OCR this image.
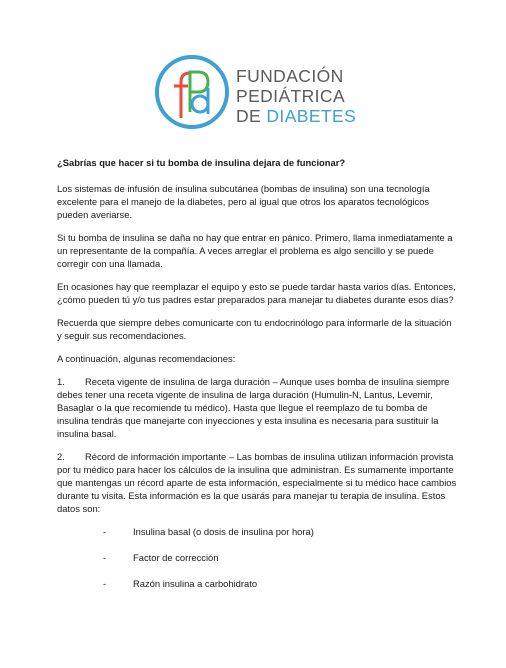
FUNDACIÓN
PEDIÁTRICA
DE DIABETES

¿Sabrías que hacer si tu bomba de insulina dejara de funcionar?

Los sistemas de infusión de insulina subcutánea (bombas de insulina) son una tecnología excelente para el manejo de la diabetes, pero al igual que otros los aparatos tecnológicos pueden averiarse.

Si tu bomba de insulina se daña no hay que entrar en pánico. Primero, llama inmediatamente a un representante de la compañía. A veces arreglar el problema es algo sencillo y se puede corregir con una llamada.

En ocasiones hay que reemplazar el equipo y esto se puede tardar hasta varios días. Entonces, ¿cómo pueden tú y/o tus padres estar preparados para manejar tu diabetes durante esos días?

Recuerda que siempre debes comunicarte con tu endocrinólogo para informarle de la situación y seguir sus recomendaciones.

A continuación, algunas recomendaciones:

1. Receta vigente de insulina de larga duración – Aunque uses bomba de insulina siempre debes tener una receta vigente de insulina de larga duración (Humulin-N, Lantus, Levemir, Basaglar o la que recomiende tu médico). Hasta que llegue el reemplazo de tu bomba de insulina tendrás que manejarte con inyecciones y esta insulina es necesaria para sustituir la insulina basal.

2. Récord de información importante – Las bombas de insulina utilizan información provista por tu médico para hacer los cálculos de la insulina que administran. Es sumamente importante que mantengas un récord aparte de esta información, especialmente si tu médico hace cambios durante tu visita. Esta información es la que usarás para manejar tu terapia de insulina. Estos datos son:

-	Insulina basal (o dosis de insulina por hora)
-	Factor de corrección
-	Razón insulina a carbohidrato
